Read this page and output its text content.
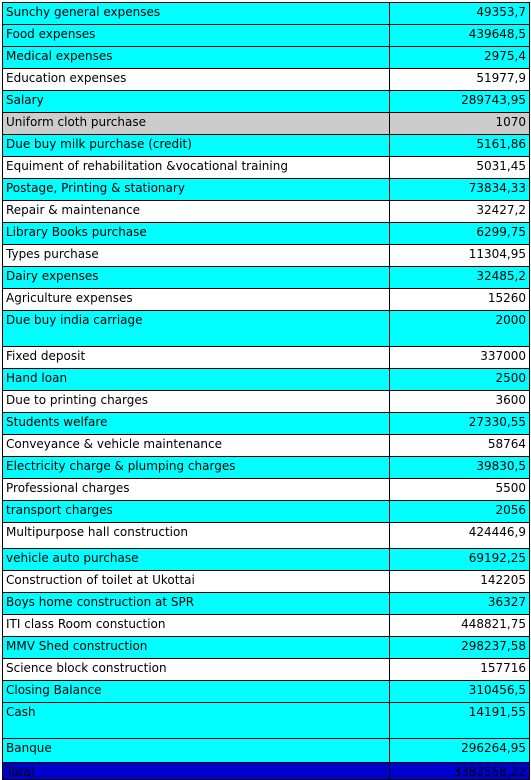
Sunchy general expenses	49353,7
Food expenses	439648,5
Medical expenses	2975,4
Education expenses	51977,9
Salary	289743,95
Uniform cloth purchase	1070
Due buy milk purchase (credit)	5161,86
Equiment of rehabilitation &vocational training	5031,45
Postage, Printing & stationary	73834,33
Repair & maintenance	32427,2
Library Books purchase	6299,75
Types purchase	11304,95
Dairy expenses	32485,2
Agriculture expenses	15260
Due buy india carriage	2000
Fixed deposit	337000
Hand loan	2500
Due to printing charges	3600
Students welfare	27330,55
Conveyance & vehicle maintenance	58764
Electricity charge & plumping charges	39830,5
Professional charges	5500
transport charges	2056
Multipurpose hall construction	424446,9
vehicle auto purchase	69192,25
Construction of toilet at Ukottai	142205
Boys home construction at SPR	36327
ITI class Room constuction	448821,75
MMV Shed construction	298237,58
Science block construction	157716
Closing Balance	310456,5
Cash	14191,55
Banque	296264,95
Total	3382558,22
